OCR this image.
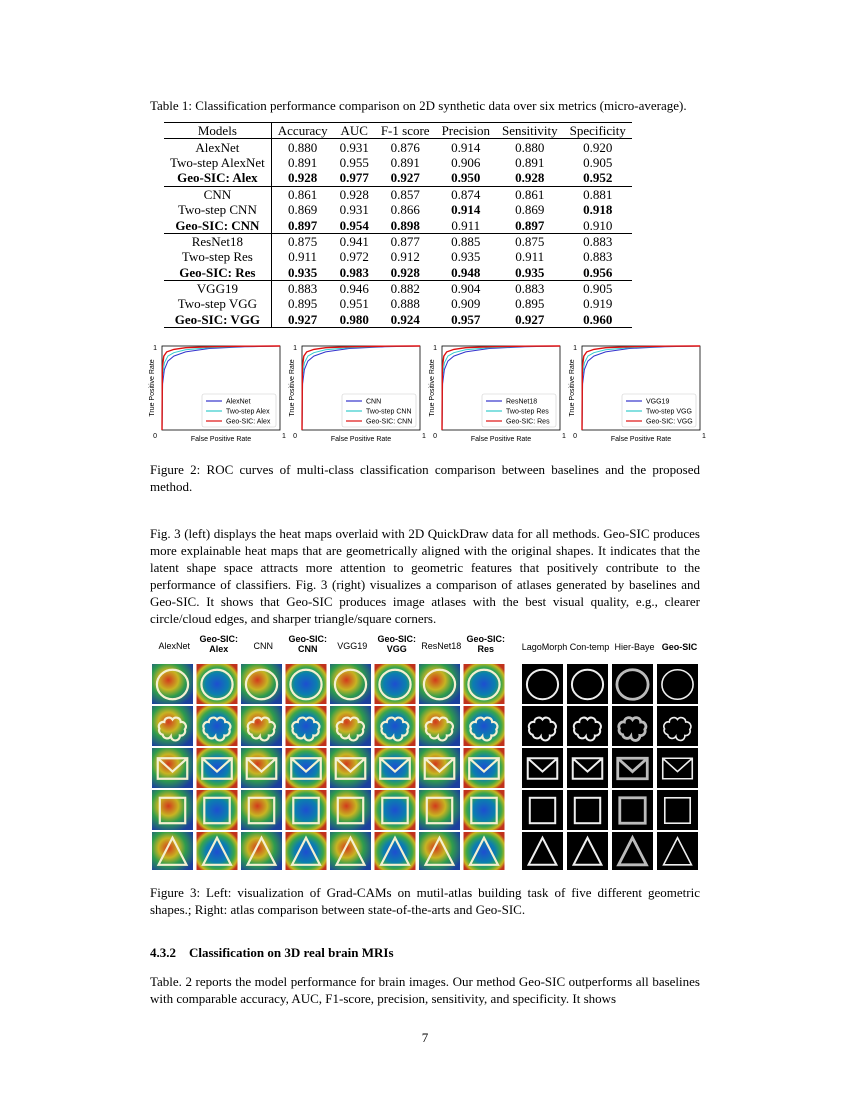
Table 1: Classification performance comparison on 2D synthetic data over six metrics (micro-average).
Models	Accuracy	AUC	F-1 score	Precision	Sensitivity	Specificity
AlexNet	0.880	0.931	0.876	0.914	0.880	0.920
Two-step AlexNet	0.891	0.955	0.891	0.906	0.891	0.905
Geo-SIC: Alex	0.928	0.977	0.927	0.950	0.928	0.952
CNN	0.861	0.928	0.857	0.874	0.861	0.881
Two-step CNN	0.869	0.931	0.866	0.914	0.869	0.918
Geo-SIC: CNN	0.897	0.954	0.898	0.911	0.897	0.910
ResNet18	0.875	0.941	0.877	0.885	0.875	0.883
Two-step Res	0.911	0.972	0.912	0.935	0.911	0.883
Geo-SIC: Res	0.935	0.983	0.928	0.948	0.935	0.956
VGG19	0.883	0.946	0.882	0.904	0.883	0.905
Two-step VGG	0.895	0.951	0.888	0.909	0.895	0.919
Geo-SIC: VGG	0.927	0.980	0.924	0.957	0.927	0.960
1
0	1
False Positive Rate
True Positive Rate	AlexNet
Two-step Alex
Geo-SIC: Alex
1
0	1
False Positive Rate
True Positive Rate	CNN
Two-step CNN
Geo-SIC: CNN
1
0	1
False Positive Rate
True Positive Rate	ResNet18
Two-step Res
Geo-SIC: Res
1
0	1
False Positive Rate
True Positive Rate	VGG19
Two-step VGG
Geo-SIC: VGG
Figure 2: ROC curves of multi-class classification comparison between baselines and the proposed method.
Fig. 3 (left) displays the heat maps overlaid with 2D QuickDraw data for all methods. Geo-SIC produces more explainable heat maps that are geometrically aligned with the original shapes. It indicates that the latent shape space attracts more attention to geometric features that positively contribute to the performance of classifiers. Fig. 3 (right) visualizes a comparison of atlases generated by baselines and Geo-SIC. It shows that Geo-SIC produces image atlases with the best visual quality, e.g., clearer circle/cloud edges, and sharper triangle/square corners.
AlexNet
Geo-SIC:
Alex	CNN
Geo-SIC:
CNN	VGG19
Geo-SIC:
VGG	ResNet18
Geo-SIC:
Res	LagoMorph Con-temp Hier-Baye Geo-SIC
Figure 3: Left: visualization of Grad-CAMs on mutil-atlas building task of five different geometric shapes.; Right: atlas comparison between state-of-the-arts and Geo-SIC.
4.3.2 Classification on 3D real brain MRIs
Table. 2 reports the model performance for brain images. Our method Geo-SIC outperforms all baselines with comparable accuracy, AUC, F1-score, precision, sensitivity, and specificity. It shows
7
